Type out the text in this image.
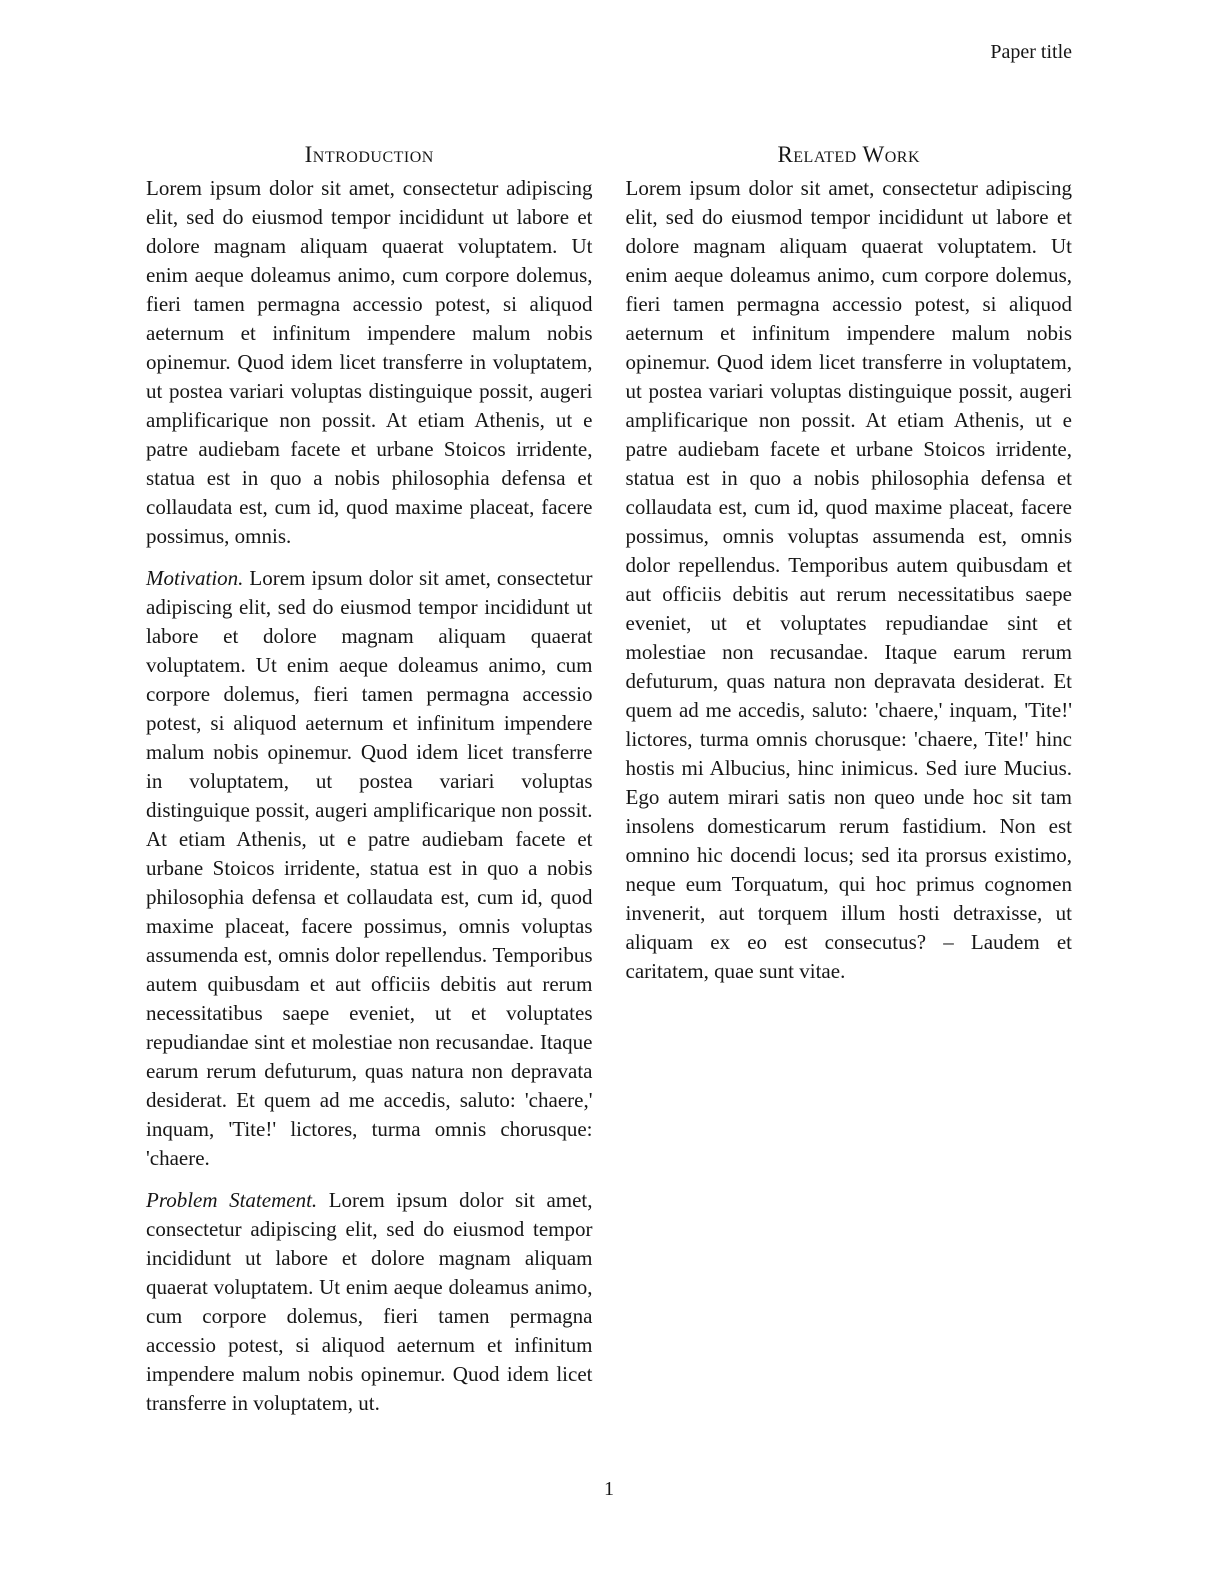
Paper title
Introduction

Lorem ipsum dolor sit amet, consectetur adipiscing elit, sed do eiusmod tempor incididunt ut labore et dolore magnam aliquam quaerat voluptatem. Ut enim aeque doleamus animo, cum corpore dolemus, fieri tamen permagna accessio potest, si aliquod aeternum et infinitum impendere malum nobis opinemur. Quod idem licet transferre in voluptatem, ut postea variari voluptas distinguique possit, augeri amplificarique non possit. At etiam Athenis, ut e patre audiebam facete et urbane Stoicos irridente, statua est in quo a nobis philosophia defensa et collaudata est, cum id, quod maxime placeat, facere possimus, omnis.

Motivation. Lorem ipsum dolor sit amet, consectetur adipiscing elit, sed do eiusmod tempor incididunt ut labore et dolore magnam aliquam quaerat voluptatem. Ut enim aeque doleamus animo, cum corpore dolemus, fieri tamen permagna accessio potest, si aliquod aeternum et infinitum impendere malum nobis opinemur. Quod idem licet transferre in voluptatem, ut postea variari voluptas distinguique possit, augeri amplificarique non possit. At etiam Athenis, ut e patre audiebam facete et urbane Stoicos irridente, statua est in quo a nobis philosophia defensa et collaudata est, cum id, quod maxime placeat, facere possimus, omnis voluptas assumenda est, omnis dolor repellendus. Temporibus autem quibusdam et aut officiis debitis aut rerum necessitatibus saepe eveniet, ut et voluptates repudiandae sint et molestiae non recusandae. Itaque earum rerum defuturum, quas natura non depravata desiderat. Et quem ad me accedis, saluto: 'chaere,' inquam, 'Tite!' lictores, turma omnis chorusque: 'chaere.

Problem Statement. Lorem ipsum dolor sit amet, consectetur adipiscing elit, sed do eiusmod tempor incididunt ut labore et dolore magnam aliquam quaerat voluptatem. Ut enim aeque doleamus animo, cum corpore dolemus, fieri tamen permagna accessio potest, si aliquod aeternum et infinitum impendere malum nobis opinemur. Quod idem licet transferre in voluptatem, ut.

Related Work

Lorem ipsum dolor sit amet, consectetur adipiscing elit, sed do eiusmod tempor incididunt ut labore et dolore magnam aliquam quaerat voluptatem. Ut enim aeque doleamus animo, cum corpore dolemus, fieri tamen permagna accessio potest, si aliquod aeternum et infinitum impendere malum nobis opinemur. Quod idem licet transferre in voluptatem, ut postea variari voluptas distinguique possit, augeri amplificarique non possit. At etiam Athenis, ut e patre audiebam facete et urbane Stoicos irridente, statua est in quo a nobis philosophia defensa et collaudata est, cum id, quod maxime placeat, facere possimus, omnis voluptas assumenda est, omnis dolor repellendus. Temporibus autem quibusdam et aut officiis debitis aut rerum necessitatibus saepe eveniet, ut et voluptates repudiandae sint et molestiae non recusandae. Itaque earum rerum defuturum, quas natura non depravata desiderat. Et quem ad me accedis, saluto: 'chaere,' inquam, 'Tite!' lictores, turma omnis chorusque: 'chaere, Tite!' hinc hostis mi Albucius, hinc inimicus. Sed iure Mucius. Ego autem mirari satis non queo unde hoc sit tam insolens domesticarum rerum fastidium. Non est omnino hic docendi locus; sed ita prorsus existimo, neque eum Torquatum, qui hoc primus cognomen invenerit, aut torquem illum hosti detraxisse, ut aliquam ex eo est consecutus? – Laudem et caritatem, quae sunt vitae.

1
